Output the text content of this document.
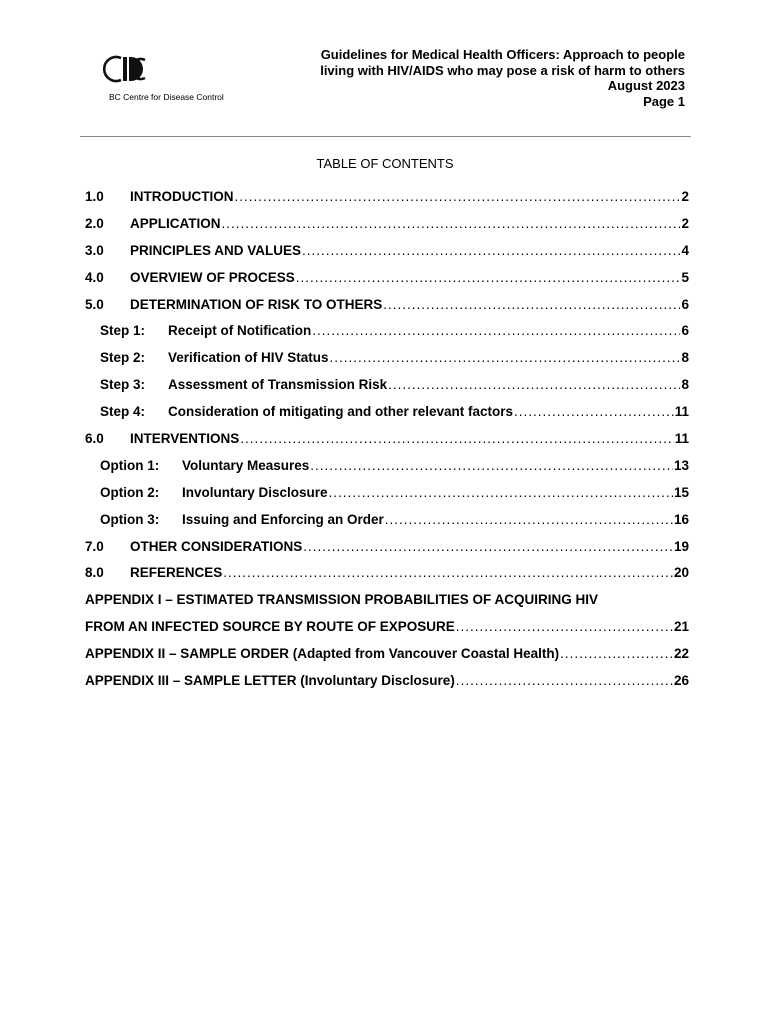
BC Centre for Disease Control
Guidelines for Medical Health Officers: Approach to people
living with HIV/AIDS who may pose a risk of harm to others
August 2023
Page 1
TABLE OF CONTENTS
1.0	INTRODUCTION .....	2
2.0	APPLICATION .....	2
3.0	PRINCIPLES AND VALUES .....	4
4.0	OVERVIEW OF PROCESS .....	5
5.0	DETERMINATION OF RISK TO OTHERS .....	6
Step 1:	Receipt of Notification .....	6
Step 2:	Verification of HIV Status .....	8
Step 3:	Assessment of Transmission Risk .....	8
Step 4:	Consideration of mitigating and other relevant factors .....	11
6.0	INTERVENTIONS .....	11
Option 1:	Voluntary Measures .....	13
Option 2:	Involuntary Disclosure .....	15
Option 3:	Issuing and Enforcing an Order .....	16
7.0	OTHER CONSIDERATIONS .....	19
8.0	REFERENCES .....	20
APPENDIX I – ESTIMATED TRANSMISSION PROBABILITIES OF ACQUIRING HIV
FROM AN INFECTED SOURCE BY ROUTE OF EXPOSURE .....	21
APPENDIX II – SAMPLE ORDER (Adapted from Vancouver Coastal Health) .....	22
APPENDIX III – SAMPLE LETTER (Involuntary Disclosure) .....	26
